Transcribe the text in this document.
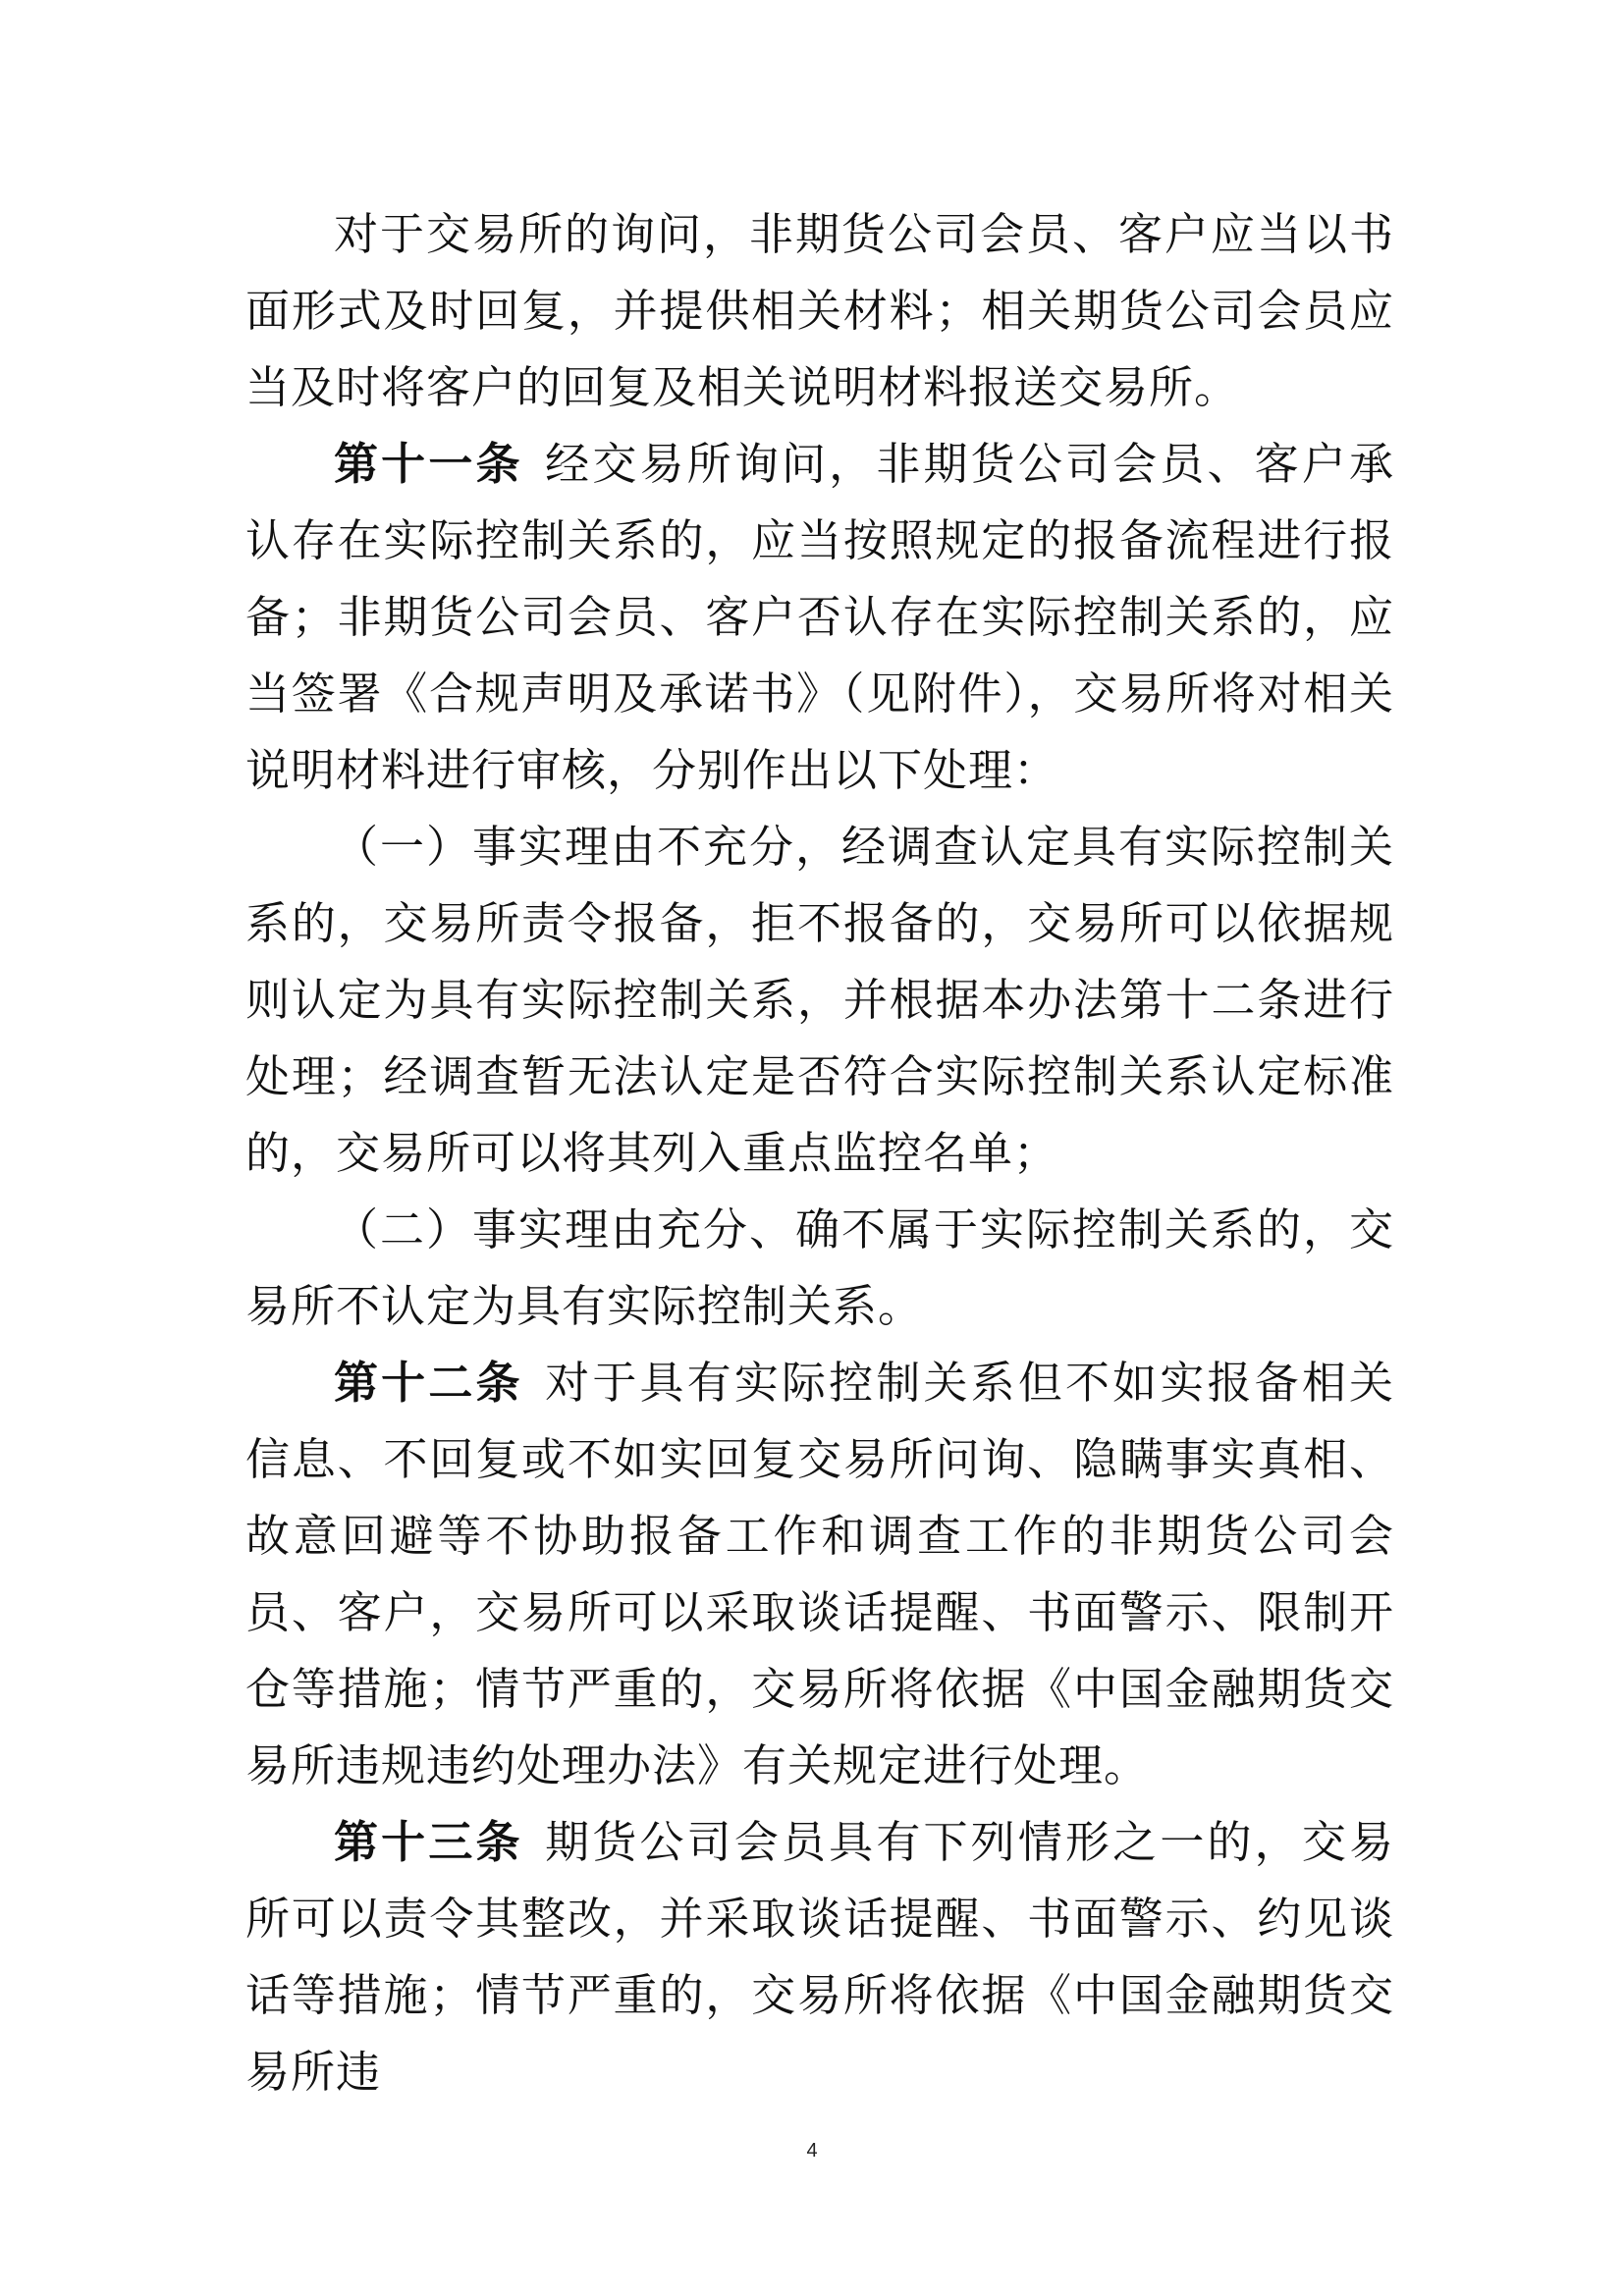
对于交易所的询问，非期货公司会员、客户应当以书面形式及时回复，并提供相关材料；相关期货公司会员应当及时将客户的回复及相关说明材料报送交易所。

第十一条 经交易所询问，非期货公司会员、客户承认存在实际控制关系的，应当按照规定的报备流程进行报备；非期货公司会员、客户否认存在实际控制关系的，应当签署《合规声明及承诺书》（见附件），交易所将对相关说明材料进行审核，分别作出以下处理：

（一）事实理由不充分，经调查认定具有实际控制关系的，交易所责令报备，拒不报备的，交易所可以依据规则认定为具有实际控制关系，并根据本办法第十二条进行处理；经调查暂无法认定是否符合实际控制关系认定标准的，交易所可以将其列入重点监控名单；

（二）事实理由充分、确不属于实际控制关系的，交易所不认定为具有实际控制关系。

第十二条 对于具有实际控制关系但不如实报备相关信息、不回复或不如实回复交易所问询、隐瞒事实真相、故意回避等不协助报备工作和调查工作的非期货公司会员、客户，交易所可以采取谈话提醒、书面警示、限制开仓等措施；情节严重的，交易所将依据《中国金融期货交易所违规违约处理办法》有关规定进行处理。

第十三条 期货公司会员具有下列情形之一的，交易所可以责令其整改，并采取谈话提醒、书面警示、约见谈话等措施；情节严重的，交易所将依据《中国金融期货交易所违

4
